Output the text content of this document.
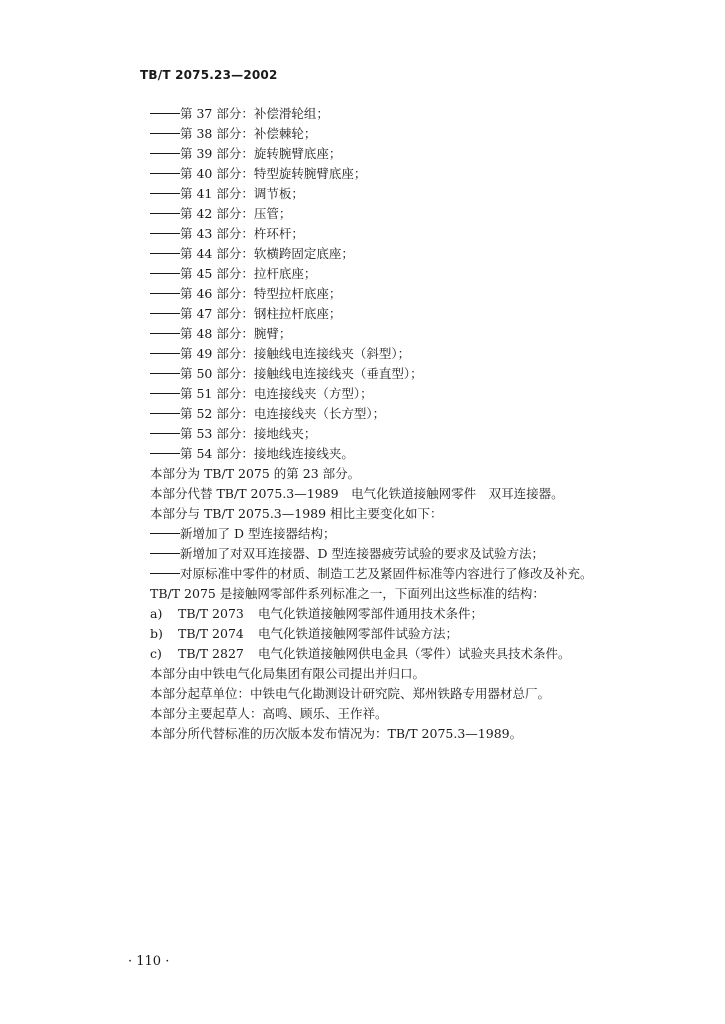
TB/T 2075.23—2002
第 37 部分：补偿滑轮组；
第 38 部分：补偿棘轮；
第 39 部分：旋转腕臂底座；
第 40 部分：特型旋转腕臂底座；
第 41 部分：调节板；
第 42 部分：压管；
第 43 部分：杵环杆；
第 44 部分：软横跨固定底座；
第 45 部分：拉杆底座；
第 46 部分：特型拉杆底座；
第 47 部分：钢柱拉杆底座；
第 48 部分：腕臂；
第 49 部分：接触线电连接线夹（斜型）；
第 50 部分：接触线电连接线夹（垂直型）；
第 51 部分：电连接线夹（方型）；
第 52 部分：电连接线夹（长方型）；
第 53 部分：接地线夹；
第 54 部分：接地线连接线夹。
本部分为 TB/T 2075 的第 23 部分。
本部分代替 TB/T 2075.3—1989　电气化铁道接触网零件　双耳连接器。
本部分与 TB/T 2075.3—1989 相比主要变化如下：
新增加了 D 型连接器结构；
新增加了对双耳连接器、D 型连接器疲劳试验的要求及试验方法；
对原标准中零件的材质、制造工艺及紧固件标准等内容进行了修改及补充。
TB/T 2075 是接触网零部件系列标准之一，下面列出这些标准的结构：
a)	TB/T 2073	电气化铁道接触网零部件通用技术条件；
b)	TB/T 2074	电气化铁道接触网零部件试验方法；
c)	TB/T 2827	电气化铁道接触网供电金具（零件）试验夹具技术条件。
本部分由中铁电气化局集团有限公司提出并归口。
本部分起草单位：中铁电气化勘测设计研究院、郑州铁路专用器材总厂。
本部分主要起草人：高鸣、顾乐、王作祥。
本部分所代替标准的历次版本发布情况为：TB/T 2075.3—1989。
· 110 ·
